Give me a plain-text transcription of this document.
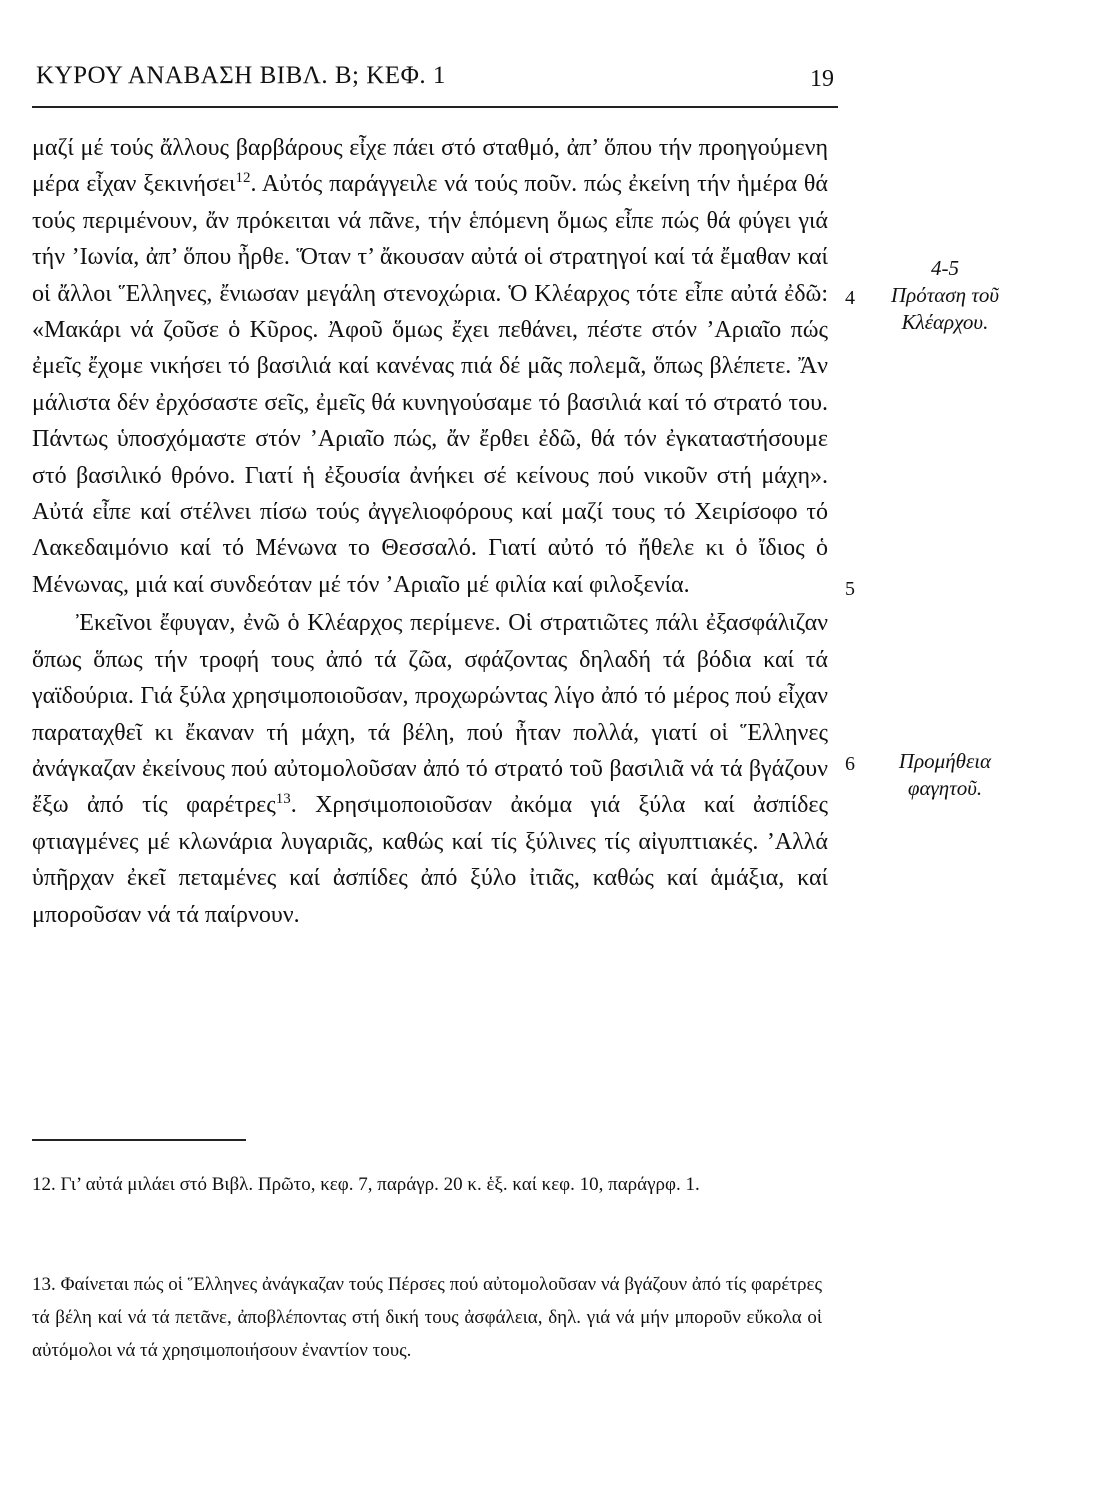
ΚΥΡΟΥ ΑΝΑΒΑΣΗ ΒΙΒΛ. Β; ΚΕΦ. 1	19

μαζί μέ τούς ἄλλους βαρβάρους εἶχε πάει στό σταθμό, ἀπ’ ὅπου τήν προηγούμενη μέρα εἶχαν ξεκινήσει$^{12}$. Αὐτός παράγγειλε νά τούς ποῦν. πώς ἐκείνη τήν ἡμέρα θά τούς περιμένουν, ἄν πρόκειται νά πᾶνε, τήν ἑπόμενη ὅμως εἶπε πώς θά φύγει γιά τήν ’Ιωνία, ἀπ’ ὅπου ἦρθε. Ὅταν τ’ ἄκουσαν αὐτά οἱ στρατηγοί καί τά ἔμαθαν καί οἱ ἄλλοι Ἕλληνες, ἔνιωσαν μεγάλη στενοχώρια. Ὁ Κλέαρχος τότε εἶπε αὐτά ἐδῶ: «Μακάρι νά ζοῦσε ὁ Κῦρος. Ἀφοῦ ὅμως ἔχει πεθάνει, πέστε στόν ’Αριαῖο πώς ἐμεῖς ἔχομε νικήσει τό βασιλιά καί κανένας πιά δέ μᾶς πολεμᾶ, ὅπως βλέπετε. Ἄν μάλιστα δέν ἐρχόσαστε σεῖς, ἐμεῖς θά κυνηγούσαμε τό βασιλιά καί τό στρατό του. Πάντως ὑποσχόμαστε στόν ’Αριαῖο πώς, ἄν ἔρθει ἐδῶ, θά τόν ἐγκαταστήσουμε στό βασιλικό θρόνο. Γιατί ἡ ἐξουσία ἀνήκει σέ κείνους πού νικοῦν στή μάχη». Αὐτά εἶπε καί στέλνει πίσω τούς ἀγγελιοφόρους καί μαζί τους τό Χειρίσοφο τό Λακεδαιμόνιο καί τό Μένωνα το Θεσσαλό. Γιατί αὐτό τό ἤθελε κι ὁ ἴδιος ὁ Μένωνας, μιά καί συνδεόταν μέ τόν ’Αριαῖο μέ φιλία καί φιλοξενία.

Ἐκεῖνοι ἔφυγαν, ἐνῶ ὁ Κλέαρχος περίμενε. Οἱ στρατιῶτες πάλι ἐξασφάλιζαν ὅπως ὅπως τήν τροφή τους ἀπό τά ζῶα, σφάζοντας δηλαδή τά βόδια καί τά γαϊδούρια. Γιά ξύλα χρησιμοποιοῦσαν, προχωρώντας λίγο ἀπό τό μέρος πού εἶχαν παραταχθεῖ κι ἔκαναν τή μάχη, τά βέλη, πού ἦταν πολλά, γιατί οἱ Ἕλληνες ἀνάγκαζαν ἐκείνους πού αὐτομολοῦσαν ἀπό τό στρατό τοῦ βασιλιᾶ νά τά βγάζουν ἔξω ἀπό τίς φαρέτρες$^{13}$. Χρησιμοποιοῦσαν ἀκόμα γιά ξύλα καί ἀσπίδες φτιαγμένες μέ κλωνάρια λυγαριᾶς, καθώς καί τίς ξύλινες τίς αἰγυπτιακές. ’Αλλά ὑπῆρχαν ἐκεῖ πεταμένες καί ἀσπίδες ἀπό ξύλο ἰτιᾶς, καθώς καί ἁμάξια, καί μποροῦσαν νά τά παίρνουν.

4
5
6
4-5
Πρόταση τοῦ
Κλέαρχου.
Προμήθεια
φαγητοῦ.
12. Γι’ αὐτά μιλάει στό Βιβλ. Πρῶτο, κεφ. 7, παράγρ. 20 κ. ἑξ. καί κεφ. 10, παράγρφ. 1.
13. Φαίνεται πώς οἱ Ἕλληνες ἀνάγκαζαν τούς Πέρσες πού αὐτομολοῦσαν νά βγάζουν ἀπό τίς φαρέτρες τά βέλη καί νά τά πετᾶνε, ἀποβλέποντας στή δική τους ἀσφάλεια, δηλ. γιά νά μήν μποροῦν εὔκολα οἱ αὐτόμολοι νά τά χρησιμοποιήσουν ἐναντίον τους.
